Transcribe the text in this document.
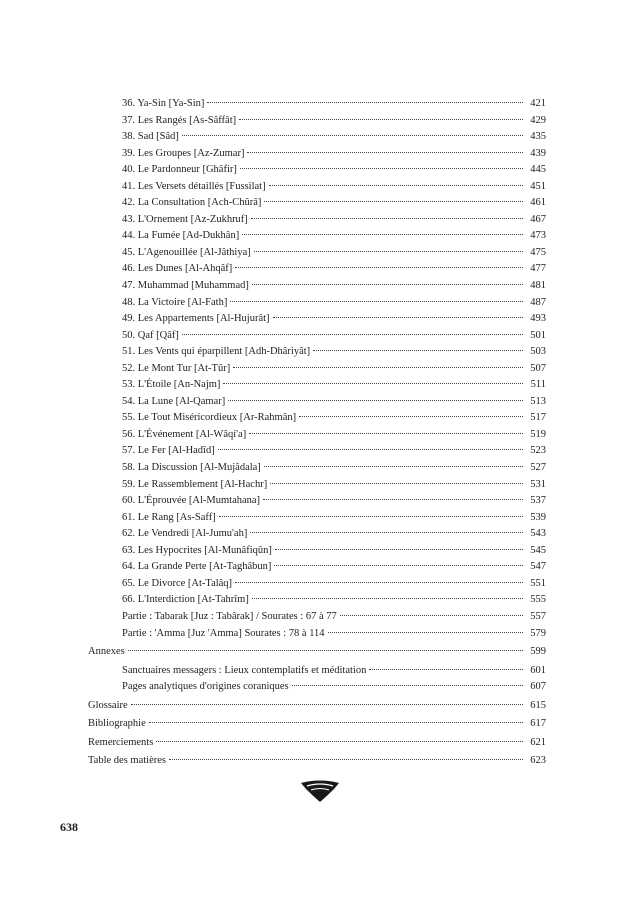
36. Ya-Sin [Ya-Sin]	421
37. Les Rangés [As-Sâffât]	429
38. Sad [Sâd]	435
39. Les Groupes [Az-Zumar]	439
40. Le Pardonneur [Ghâfir]	445
41. Les Versets détaillés [Fussilat]	451
42. La Consultation [Ach-Chûrâ]	461
43. L'Ornement [Az-Zukhruf]	467
44. La Fumée [Ad-Dukhân]	473
45. L'Agenouillée [Al-Jâthiya]	475
46. Les Dunes [Al-Ahqâf]	477
47. Muhammad [Muhammad]	481
48. La Victoire [Al-Fath]	487
49. Les Appartements [Al-Hujurât]	493
50. Qaf [Qâf]	501
51. Les Vents qui éparpillent [Adh-Dhâriyât]	503
52. Le Mont Tur [At-Tûr]	507
53. L'Étoile [An-Najm]	511
54. La Lune [Al-Qamar]	513
55. Le Tout Miséricordieux [Ar-Rahmân]	517
56. L'Événement [Al-Wâqi'a]	519
57. Le Fer [Al-Hadîd]	523
58. La Discussion [Al-Mujâdala]	527
59. Le Rassemblement [Al-Hachr]	531
60. L'Éprouvée [Al-Mumtahana]	537
61. Le Rang [As-Saff]	539
62. Le Vendredi [Al-Jumu'ah]	543
63. Les Hypocrites [Al-Munâfiqûn]	545
64. La Grande Perte [At-Taghâbun]	547
65. Le Divorce [At-Talâq]	551
66. L'Interdiction [At-Tahrîm]	555
Partie : Tabarak [Juz : Tabârak] / Sourates : 67 à 77	557
Partie : 'Amma [Juz 'Amma] Sourates : 78 à 114	579
Annexes	599
Sanctuaires messagers : Lieux contemplatifs et méditation	601
Pages analytiques d'origines coraniques	607
Glossaire	615
Bibliographie	617
Remerciements	621
Table des matières	623
638
